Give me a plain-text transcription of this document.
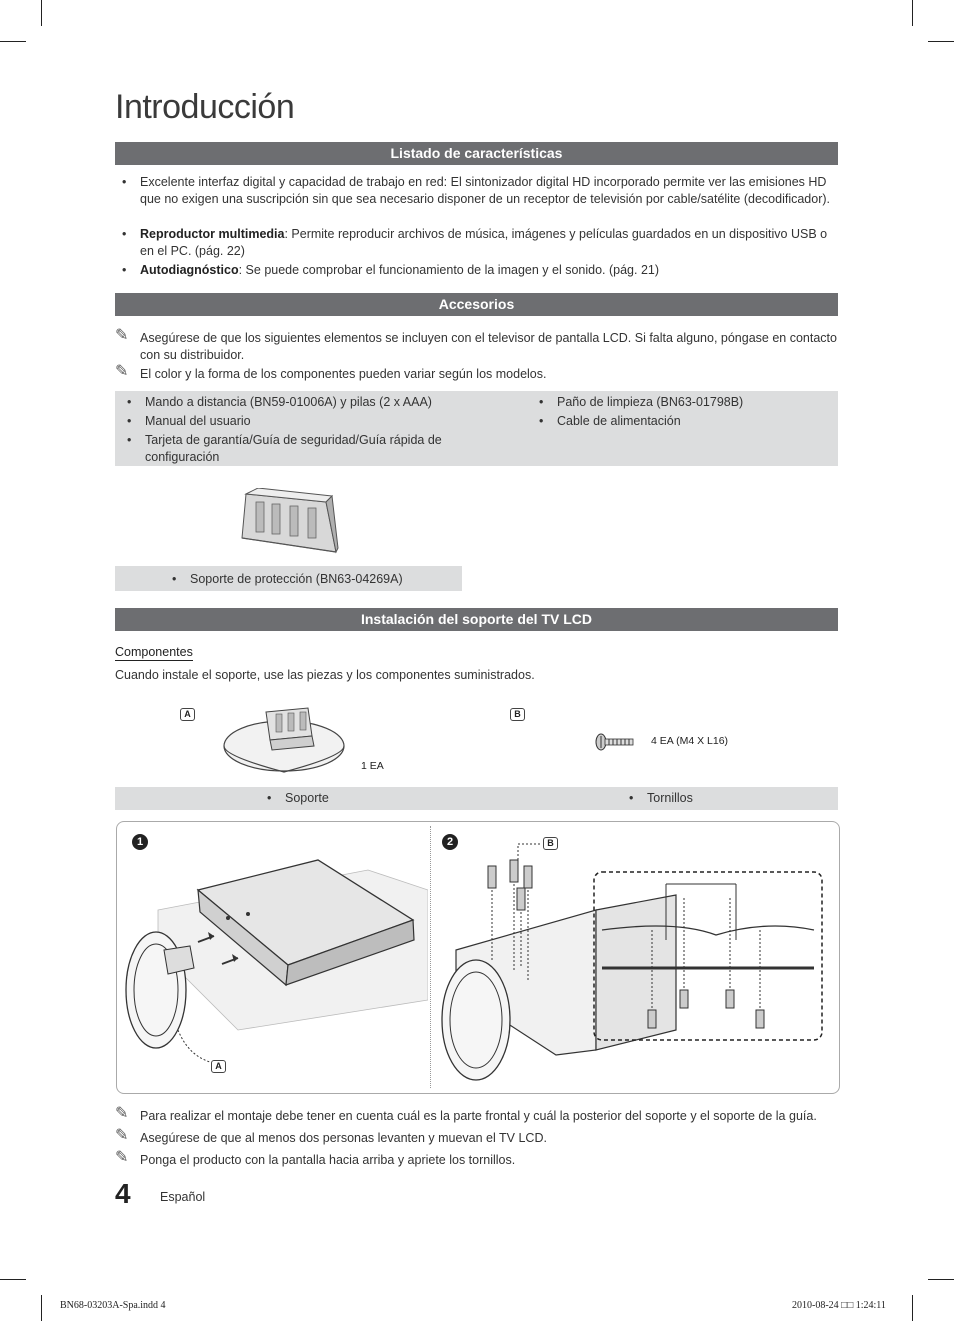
Introducción
Listado de características
• Excelente interfaz digital y capacidad de trabajo en red: El sintonizador digital HD incorporado permite ver las emisiones HD que no exigen una suscripción sin que sea necesario disponer de un receptor de televisión por cable/satélite (decodificador).
• Reproductor multimedia: Permite reproducir archivos de música, imágenes y películas guardados en un dispositivo USB o en el PC. (pág. 22)
• Autodiagnóstico: Se puede comprobar el funcionamiento de la imagen y el sonido. (pág. 21)
Accesorios
✎ Asegúrese de que los siguientes elementos se incluyen con el televisor de pantalla LCD. Si falta alguno, póngase en contacto con su distribuidor.
✎ El color y la forma de los componentes pueden variar según los modelos.
• Mando a distancia (BN59-01006A) y pilas (2 x AAA)
• Manual del usuario
• Tarjeta de garantía/Guía de seguridad/Guía rápida de configuración
• Paño de limpieza (BN63-01798B)
• Cable de alimentación
• Soporte de protección (BN63-04269A)
Instalación del soporte del TV LCD
Componentes
Cuando instale el soporte, use las piezas y los componentes suministrados.
A
1 EA
B
4 EA (M4 X L16)
• Soporte	• Tornillos
1	2
A
B
✎ Para realizar el montaje debe tener en cuenta cuál es la parte frontal y cuál la posterior del soporte y el soporte de la guía.
✎ Asegúrese de que al menos dos personas levanten y muevan el TV LCD.
✎ Ponga el producto con la pantalla hacia arriba y apriete los tornillos.
4 Español
BN68-03203A-Spa.indd 4	2010-08-24 □□ 1:24:11
